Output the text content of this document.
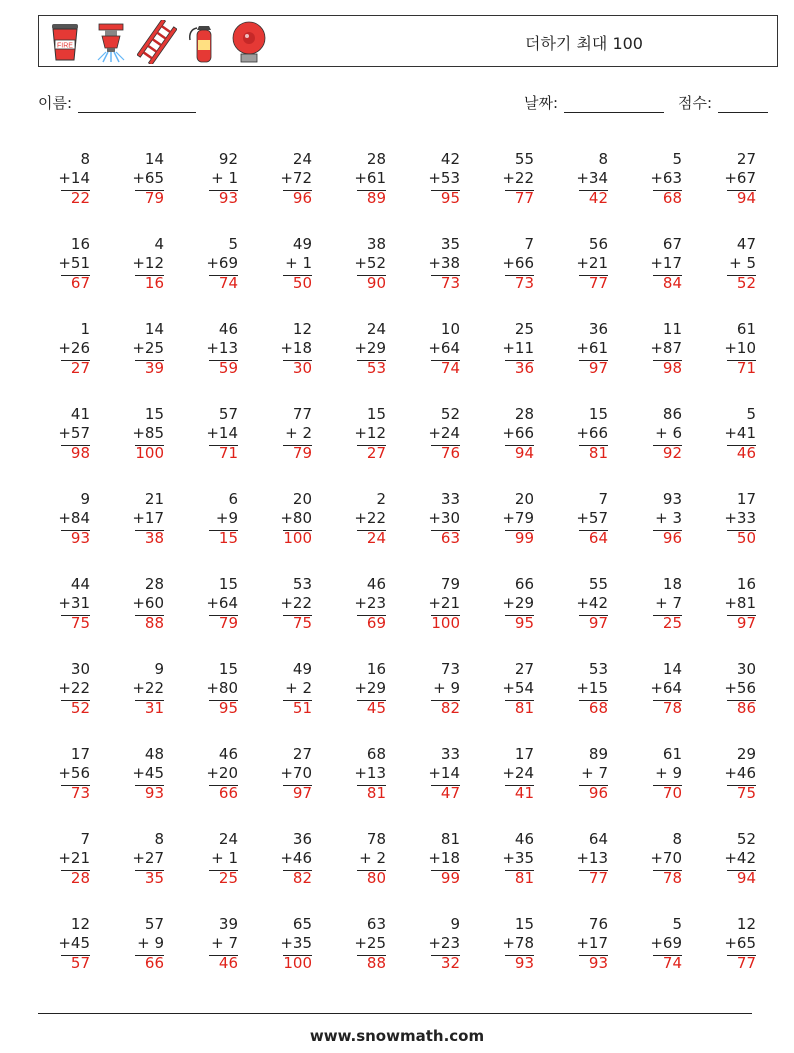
FIRE	더하기 최대 100
이름:	날짜:	점수:
8
+14
22
14
+65
79
92
+ 1
93
24
+72
96
28
+61
89
42
+53
95
55
+22
77
8
+34
42
5
+63
68
27
+67
94
16
+51
67
4
+12
16
5
+69
74
49
+ 1
50
38
+52
90
35
+38
73
7
+66
73
56
+21
77
67
+17
84
47
+ 5
52
1
+26
27
14
+25
39
46
+13
59
12
+18
30
24
+29
53
10
+64
74
25
+11
36
36
+61
97
11
+87
98
61
+10
71
41
+57
98
15
+85
100
57
+14
71
77
+ 2
79
15
+12
27
52
+24
76
28
+66
94
15
+66
81
86
+ 6
92
5
+41
46
9
+84
93
21
+17
38
6
+9
15
20
+80
100
2
+22
24
33
+30
63
20
+79
99
7
+57
64
93
+ 3
96
17
+33
50
44
+31
75
28
+60
88
15
+64
79
53
+22
75
46
+23
69
79
+21
100
66
+29
95
55
+42
97
18
+ 7
25
16
+81
97
30
+22
52
9
+22
31
15
+80
95
49
+ 2
51
16
+29
45
73
+ 9
82
27
+54
81
53
+15
68
14
+64
78
30
+56
86
17
+56
73
48
+45
93
46
+20
66
27
+70
97
68
+13
81
33
+14
47
17
+24
41
89
+ 7
96
61
+ 9
70
29
+46
75
7
+21
28
8
+27
35
24
+ 1
25
36
+46
82
78
+ 2
80
81
+18
99
46
+35
81
64
+13
77
8
+70
78
52
+42
94
12
+45
57
57
+ 9
66
39
+ 7
46
65
+35
100
63
+25
88
9
+23
32
15
+78
93
76
+17
93
5
+69
74
12
+65
77
www.snowmath.com
